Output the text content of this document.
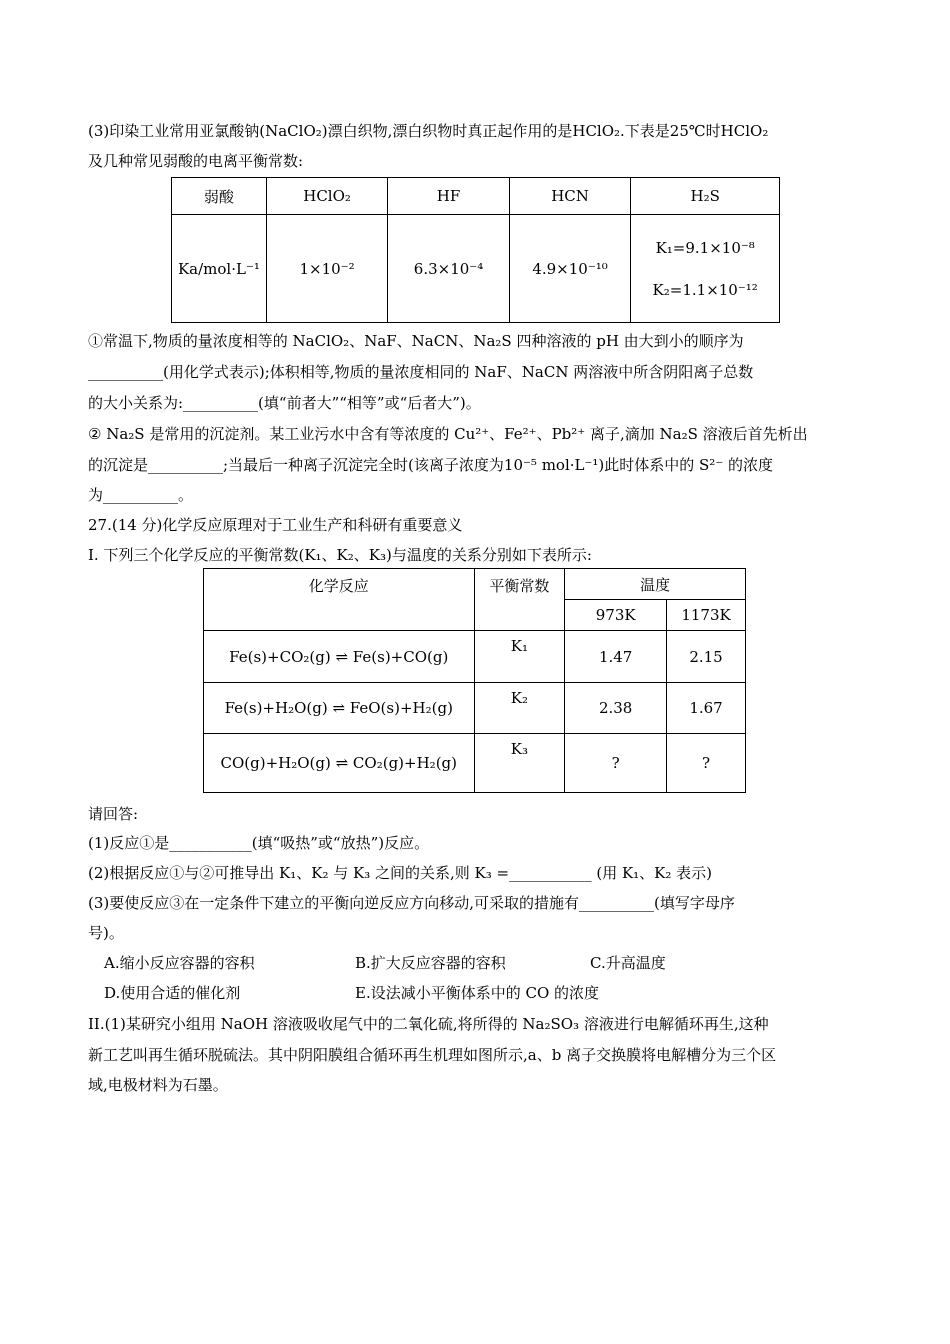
(3)印染工业常用亚氯酸钠(NaClO₂)漂白织物,漂白织物时真正起作用的是HClO₂.下表是25℃时HClO₂
及几种常见弱酸的电离平衡常数:
弱酸	HClO₂	HF	HCN	H₂S
Ka/mol·L⁻¹	1×10⁻²	6.3×10⁻⁴	4.9×10⁻¹⁰	K₁=9.1×10⁻⁸
K₂=1.1×10⁻¹²
①常温下,物质的量浓度相等的 NaClO₂、NaF、NaCN、Na₂S 四种溶液的 pH 由大到小的顺序为
__________(用化学式表示);体积相等,物质的量浓度相同的 NaF、NaCN 两溶液中所含阴阳离子总数
的大小关系为:__________(填“前者大”“相等”或“后者大”)。
② Na₂S 是常用的沉淀剂。某工业污水中含有等浓度的 Cu²⁺、Fe²⁺、Pb²⁺ 离子,滴加 Na₂S 溶液后首先析出
的沉淀是__________;当最后一种离子沉淀完全时(该离子浓度为10⁻⁵ mol·L⁻¹)此时体系中的 S²⁻ 的浓度
为__________。
27.(14 分)化学反应原理对于工业生产和科研有重要意义
I. 下列三个化学反应的平衡常数(K₁、K₂、K₃)与温度的关系分别如下表所示:
化学反应	平衡常数	温度	
		973K	1173K
Fe(s)+CO₂(g) ⇌ Fe(s)+CO(g)	K₁	1.47	2.15
Fe(s)+H₂O(g) ⇌ FeO(s)+H₂(g)	K₂	2.38	1.67
CO(g)+H₂O(g) ⇌ CO₂(g)+H₂(g)	K₃	?	?
请回答:
(1)反应①是___________(填“吸热”或“放热”)反应。
(2)根据反应①与②可推导出 K₁、K₂ 与 K₃ 之间的关系,则 K₃ =___________ (用 K₁、K₂ 表示)
(3)要使反应③在一定条件下建立的平衡向逆反应方向移动,可采取的措施有__________(填写字母序
号)。
A.缩小反应容器的容积	B.扩大反应容器的容积	C.升高温度
D.使用合适的催化剂	E.设法减小平衡体系中的 CO 的浓度
II.(1)某研究小组用 NaOH 溶液吸收尾气中的二氧化硫,将所得的 Na₂SO₃ 溶液进行电解循环再生,这种
新工艺叫再生循环脱硫法。其中阴阳膜组合循环再生机理如图所示,a、b 离子交换膜将电解槽分为三个区
域,电极材料为石墨。
